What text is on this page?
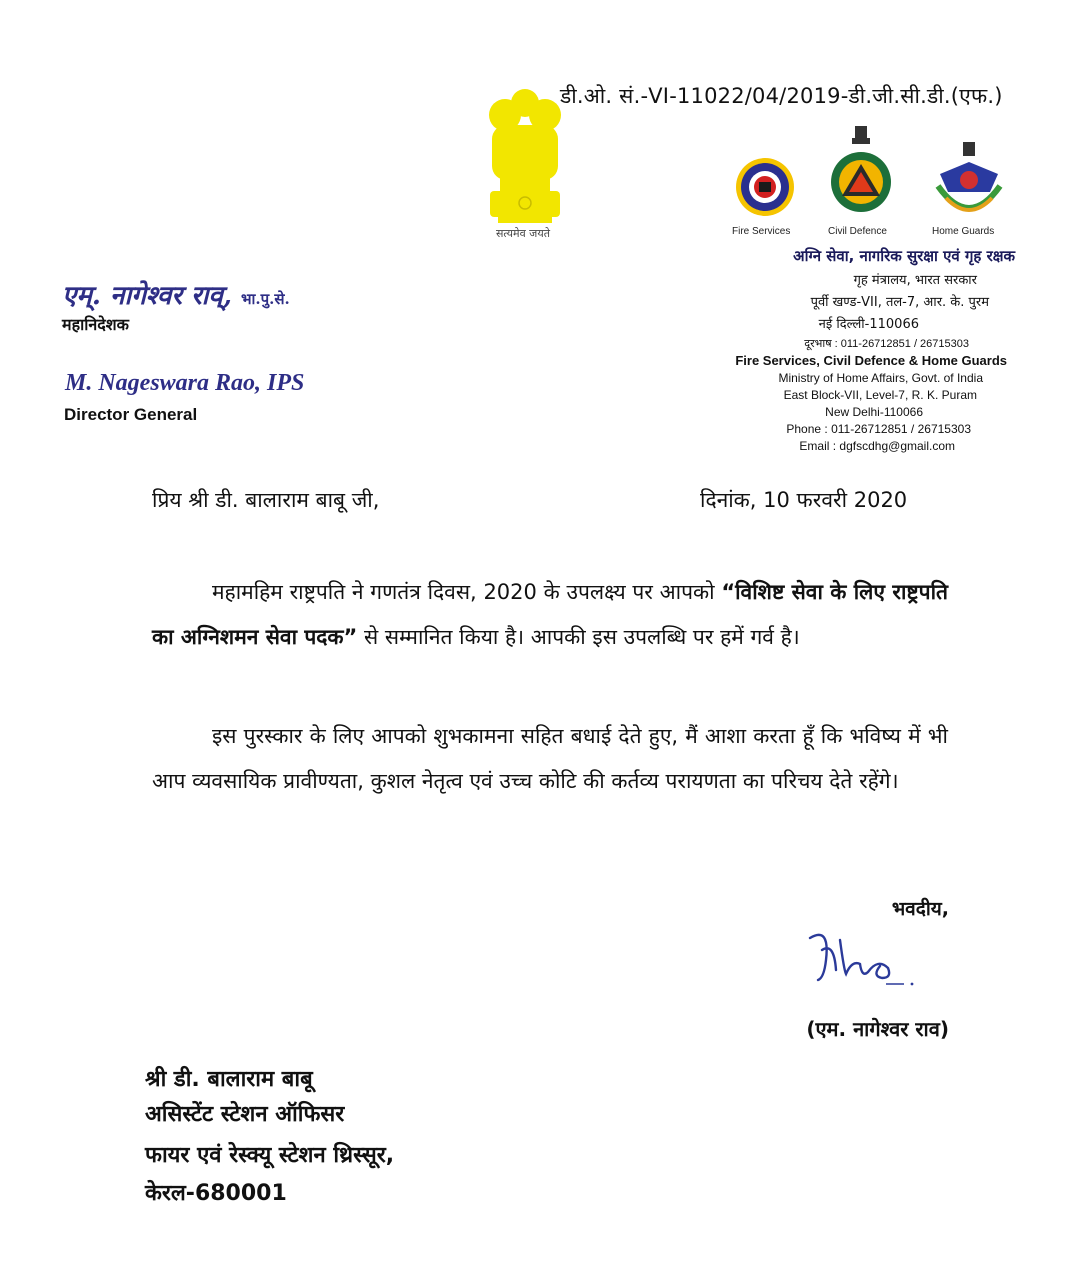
डी.ओ. सं.-VI-11022/04/2019-डी.जी.सी.डी.(एफ.)
सत्यमेव जयते	Fire Services	Civil Defence	Home Guards
अग्नि सेवा, नागरिक सुरक्षा एवं गृह रक्षक
गृह मंत्रालय, भारत सरकार
पूर्वी खण्ड-VII, तल-7, आर. के. पुरम
नई दिल्ली-110066
दूरभाष : 011-26712851 / 26715303
Fire Services, Civil Defence & Home Guards
Ministry of Home Affairs, Govt. of India
East Block-VII, Level-7, R. K. Puram
New Delhi-110066
Phone : 011-26712851 / 26715303
Email : dgfscdhg@gmail.com
एम्. नागेश्वर राव्, भा.पु.से.
महानिदेशक
M. Nageswara Rao, IPS
Director General
प्रिय श्री डी. बालाराम बाबू जी,	दिनांक, 10 फरवरी 2020
महामहिम राष्ट्रपति ने गणतंत्र दिवस, 2020 के उपलक्ष्य पर आपको “विशिष्ट सेवा के लिए राष्ट्रपति का अग्निशमन सेवा पदक” से सम्मानित किया है। आपकी इस उपलब्धि पर हमें गर्व है।
इस पुरस्कार के लिए आपको शुभकामना सहित बधाई देते हुए, मैं आशा करता हूँ कि भविष्य में भी आप व्यवसायिक प्रावीण्यता, कुशल नेतृत्व एवं उच्च कोटि की कर्तव्य परायणता का परिचय देते रहेंगे।
भवदीय,
(एम. नागेश्वर राव)
श्री डी. बालाराम बाबू
असिस्टेंट स्टेशन ऑफिसर
फायर एवं रेस्क्यू स्टेशन थ्रिस्सूर,
केरल-680001
